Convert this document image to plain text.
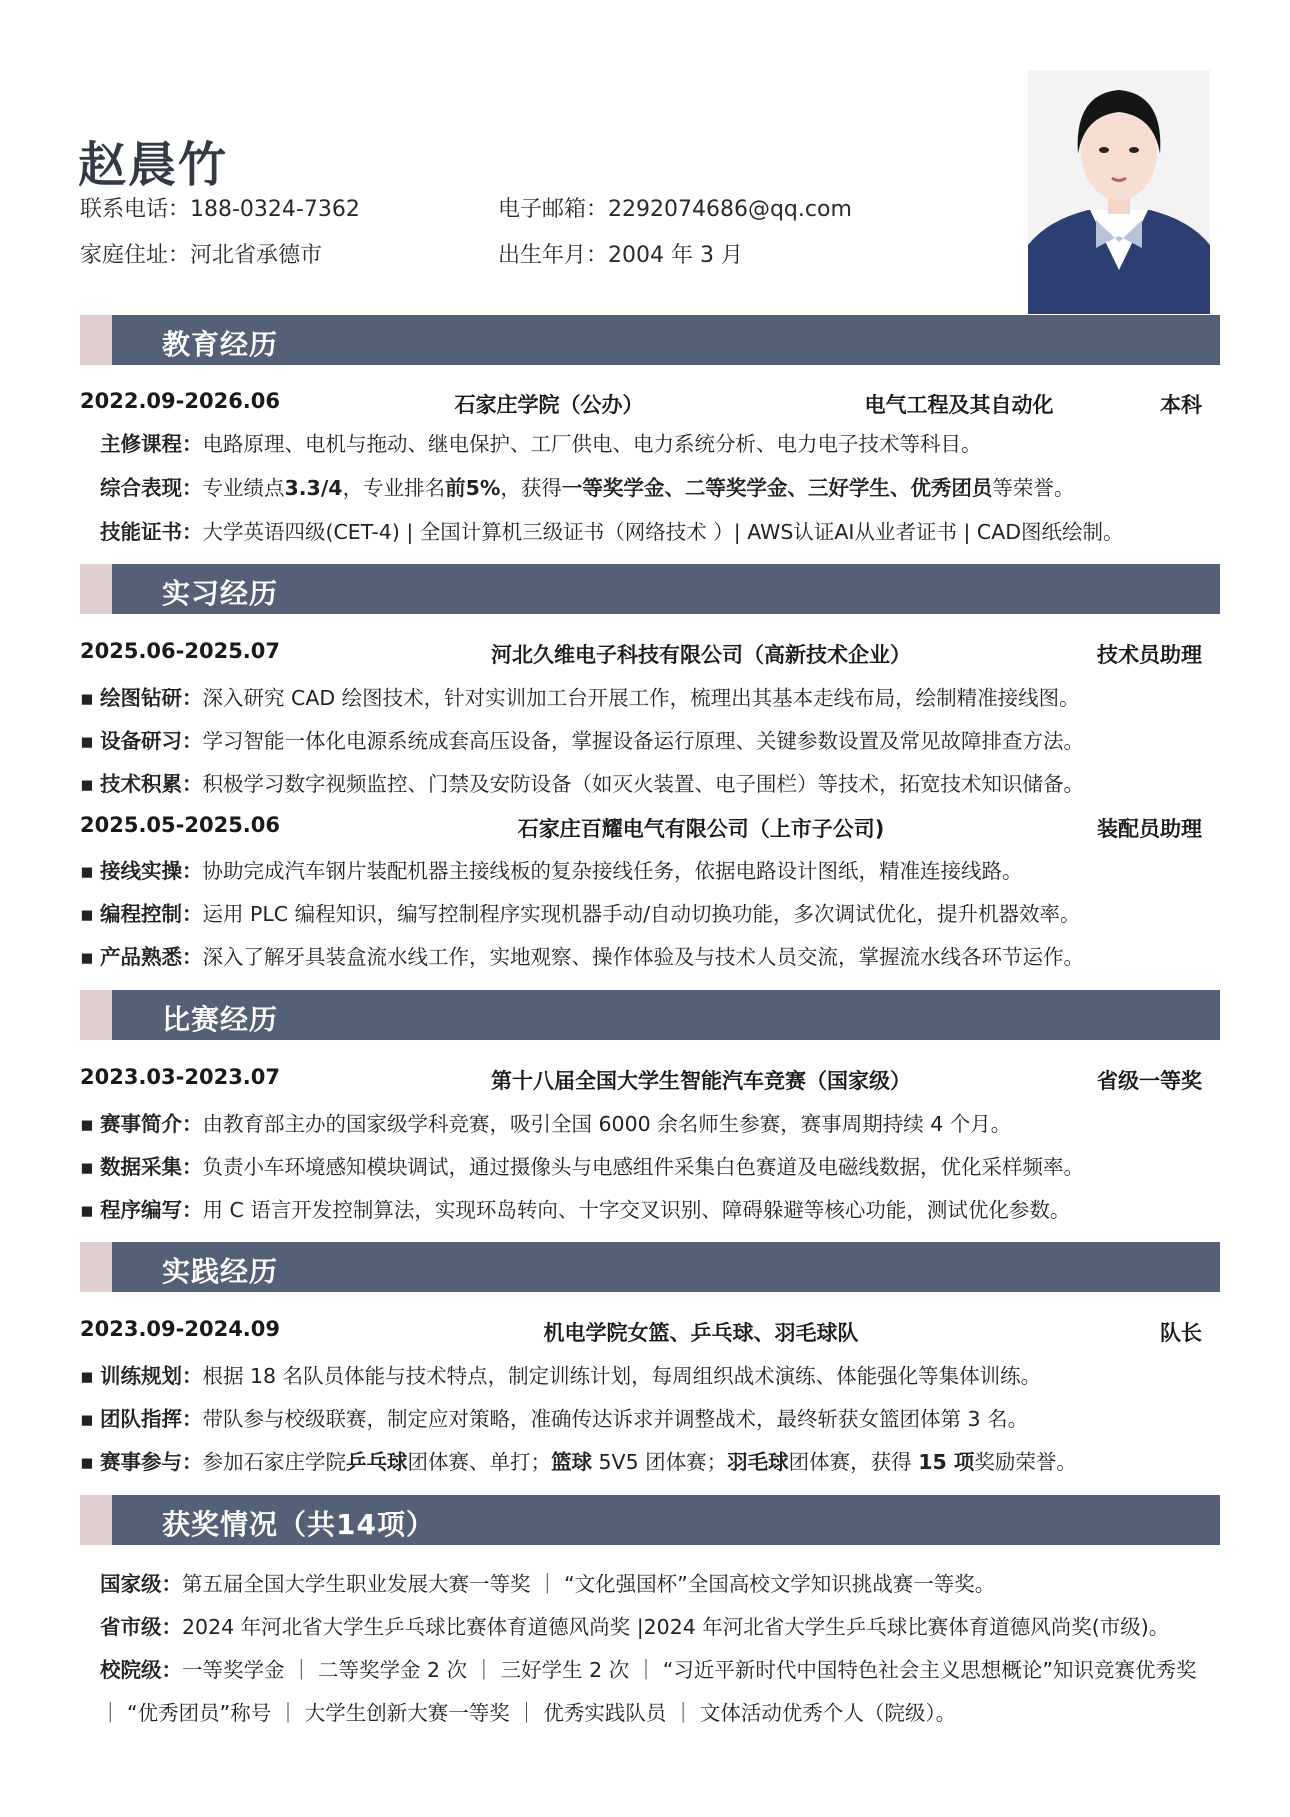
赵晨竹
联系电话：188-0324-7362	电子邮箱：2292074686@qq.com
家庭住址：河北省承德市	出生年月：2004 年 3 月
教育经历
2022.09-2026.06	石家庄学院（公办）	电气工程及其自动化	本科
主修课程：电路原理、电机与拖动、继电保护、工厂供电、电力系统分析、电力电子技术等科目。
综合表现：专业绩点3.3/4，专业排名前5%，获得一等奖学金、二等奖学金、三好学生、优秀团员等荣誉。
技能证书：大学英语四级(CET-4) | 全国计算机三级证书（网络技术 ）| AWS认证AI从业者证书 | CAD图纸绘制。
实习经历
2025.06-2025.07	河北久维电子科技有限公司（高新技术企业）	技术员助理
▪ 绘图钻研：深入研究 CAD 绘图技术，针对实训加工台开展工作，梳理出其基本走线布局，绘制精准接线图。
▪ 设备研习：学习智能一体化电源系统成套高压设备，掌握设备运行原理、关键参数设置及常见故障排查方法。
▪ 技术积累：积极学习数字视频监控、门禁及安防设备（如灭火装置、电子围栏）等技术，拓宽技术知识储备。
2025.05-2025.06	石家庄百耀电气有限公司（上市子公司)	装配员助理
▪ 接线实操：协助完成汽车钢片装配机器主接线板的复杂接线任务，依据电路设计图纸，精准连接线路。
▪ 编程控制：运用 PLC 编程知识，编写控制程序实现机器手动/自动切换功能，多次调试优化，提升机器效率。
▪ 产品熟悉：深入了解牙具装盒流水线工作，实地观察、操作体验及与技术人员交流，掌握流水线各环节运作。
比赛经历
2023.03-2023.07	第十八届全国大学生智能汽车竞赛（国家级）	省级一等奖
▪ 赛事简介：由教育部主办的国家级学科竞赛，吸引全国 6000 余名师生参赛，赛事周期持续 4 个月。
▪ 数据采集：负责小车环境感知模块调试，通过摄像头与电感组件采集白色赛道及电磁线数据，优化采样频率。
▪ 程序编写：用 C 语言开发控制算法，实现环岛转向、十字交叉识别、障碍躲避等核心功能，测试优化参数。
实践经历
2023.09-2024.09	机电学院女篮、乒乓球、羽毛球队	队长
▪ 训练规划：根据 18 名队员体能与技术特点，制定训练计划，每周组织战术演练、体能强化等集体训练。
▪ 团队指挥：带队参与校级联赛，制定应对策略，准确传达诉求并调整战术，最终斩获女篮团体第 3 名。
▪ 赛事参与：参加石家庄学院乒乓球团体赛、单打；篮球 5V5 团体赛；羽毛球团体赛，获得 15 项奖励荣誉。
获奖情况（共14项）
国家级：第五届全国大学生职业发展大赛一等奖 ｜ “文化强国杯”全国高校文学知识挑战赛一等奖。
省市级：2024 年河北省大学生乒乓球比赛体育道德风尚奖 |2024 年河北省大学生乒乓球比赛体育道德风尚奖(市级)。
校院级：一等奖学金 ｜ 二等奖学金 2 次 ｜ 三好学生 2 次 ｜ “习近平新时代中国特色社会主义思想概论”知识竞赛优秀奖 ｜ “优秀团员”称号 ｜ 大学生创新大赛一等奖 ｜ 优秀实践队员 ｜ 文体活动优秀个人（院级）。
